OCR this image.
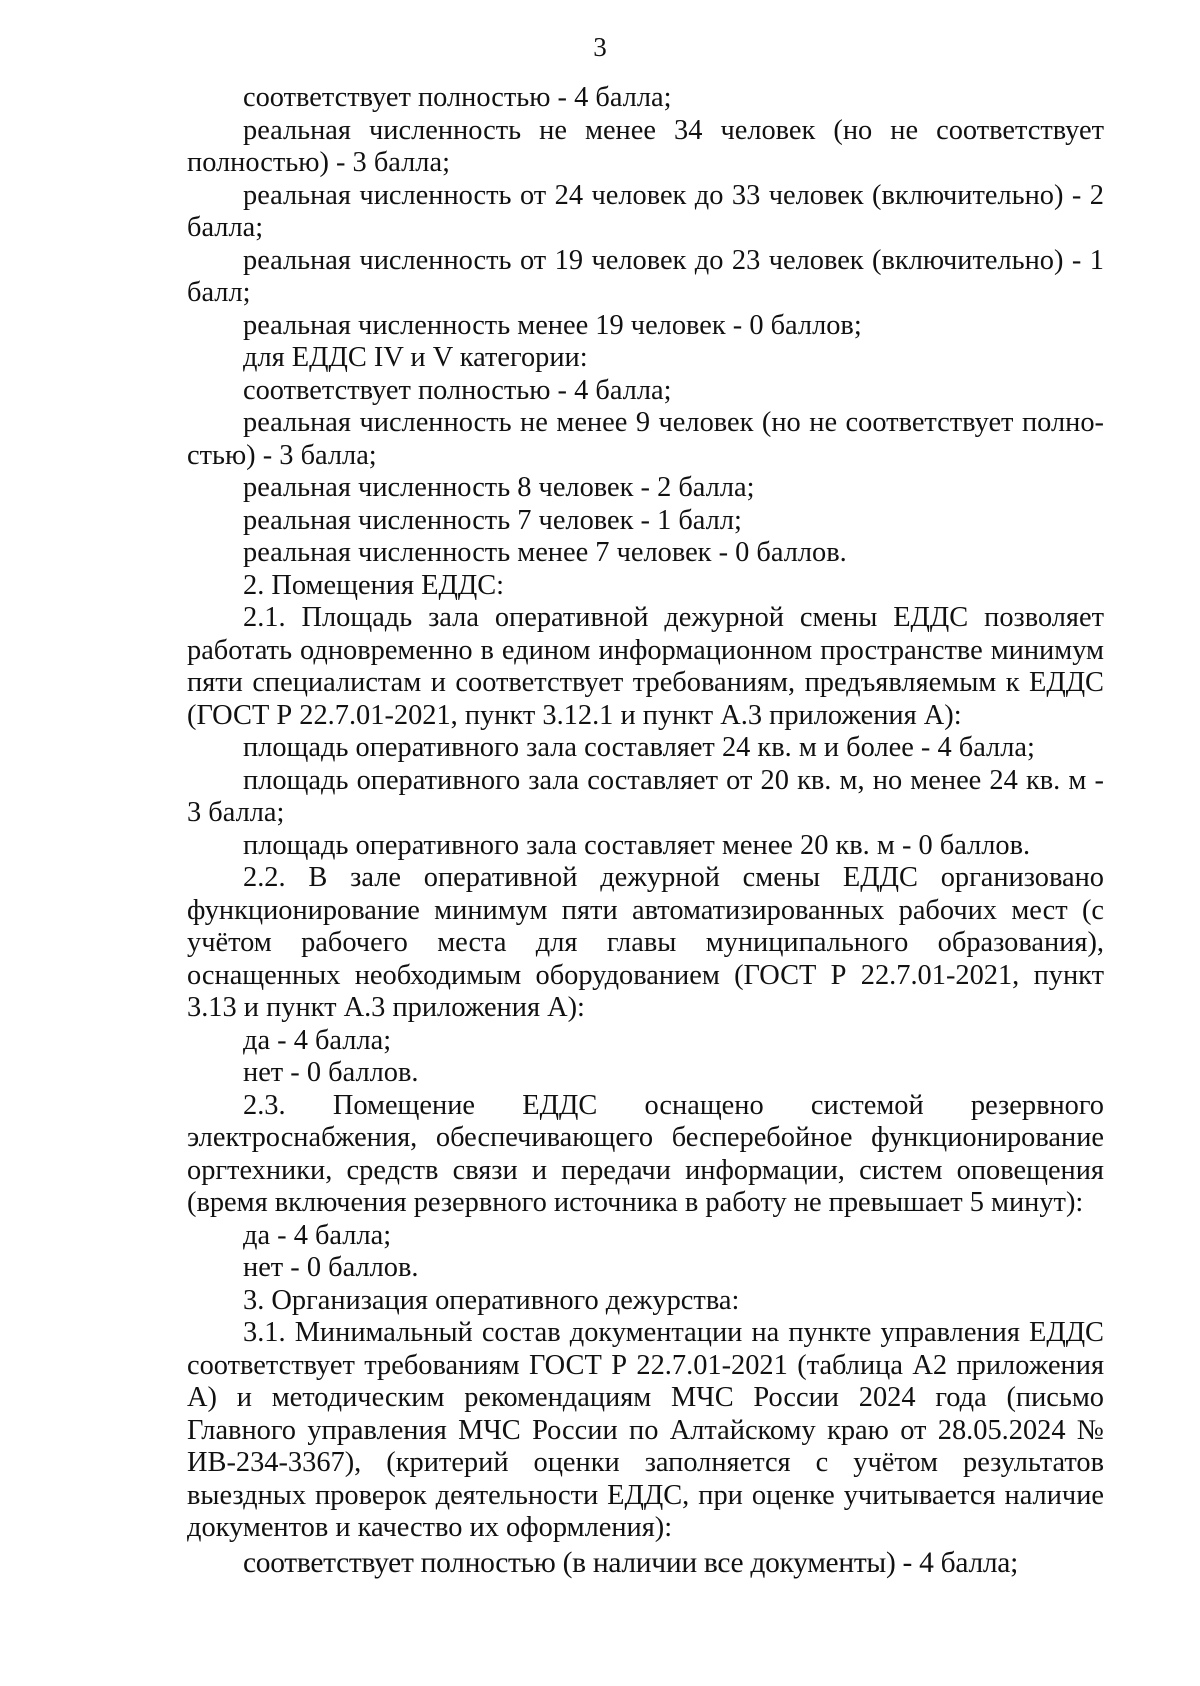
3

соответствует полностью - 4 балла;

реальная численность не менее 34 человек (но не соответствует полностью) - 3 балла;

реальная численность от 24 человек до 33 человек (включительно) - 2 балла;

реальная численность от 19 человек до 23 человек (включительно) - 1 балл;

реальная численность менее 19 человек - 0 баллов;

для ЕДДС IV и V категории:

соответствует полностью - 4 балла;

реальная численность не менее 9 человек (но не соответствует полностью) - 3 балла;

реальная численность 8 человек - 2 балла;

реальная численность 7 человек - 1 балл;

реальная численность менее 7 человек - 0 баллов.

2. Помещения ЕДДС:

2.1. Площадь зала оперативной дежурной смены ЕДДС позволяет работать одновременно в едином информационном пространстве минимум пяти специалистам и соответствует требованиям, предъявляемым к ЕДДС (ГОСТ Р 22.7.01-2021, пункт 3.12.1 и пункт А.3 приложения А):

площадь оперативного зала составляет 24 кв. м и более - 4 балла;

площадь оперативного зала составляет от 20 кв. м, но менее 24 кв. м - 3 балла;

площадь оперативного зала составляет менее 20 кв. м - 0 баллов.

2.2. В зале оперативной дежурной смены ЕДДС организовано функционирование минимум пяти автоматизированных рабочих мест (с учётом рабочего места для главы муниципального образования), оснащенных необходимым оборудованием (ГОСТ Р 22.7.01-2021, пункт 3.13 и пункт А.3 приложения А):

да - 4 балла;

нет - 0 баллов.

2.3. Помещение ЕДДС оснащено системой резервного электроснабжения, обеспечивающего бесперебойное функционирование оргтехники, средств связи и передачи информации, систем оповещения (время включения резервного источника в работу не превышает 5 минут):

да - 4 балла;

нет - 0 баллов.

3. Организация оперативного дежурства:

3.1. Минимальный состав документации на пункте управления ЕДДС соответствует требованиям ГОСТ Р 22.7.01-2021 (таблица А2 приложения А) и методическим рекомендациям МЧС России 2024 года (письмо Главного управления МЧС России по Алтайскому краю от 28.05.2024 № ИВ-234-3367), (критерий оценки заполняется с учётом результатов выездных проверок деятельности ЕДДС, при оценке учитывается наличие документов и качество их оформления):

соответствует полностью (в наличии все документы) - 4 балла;
